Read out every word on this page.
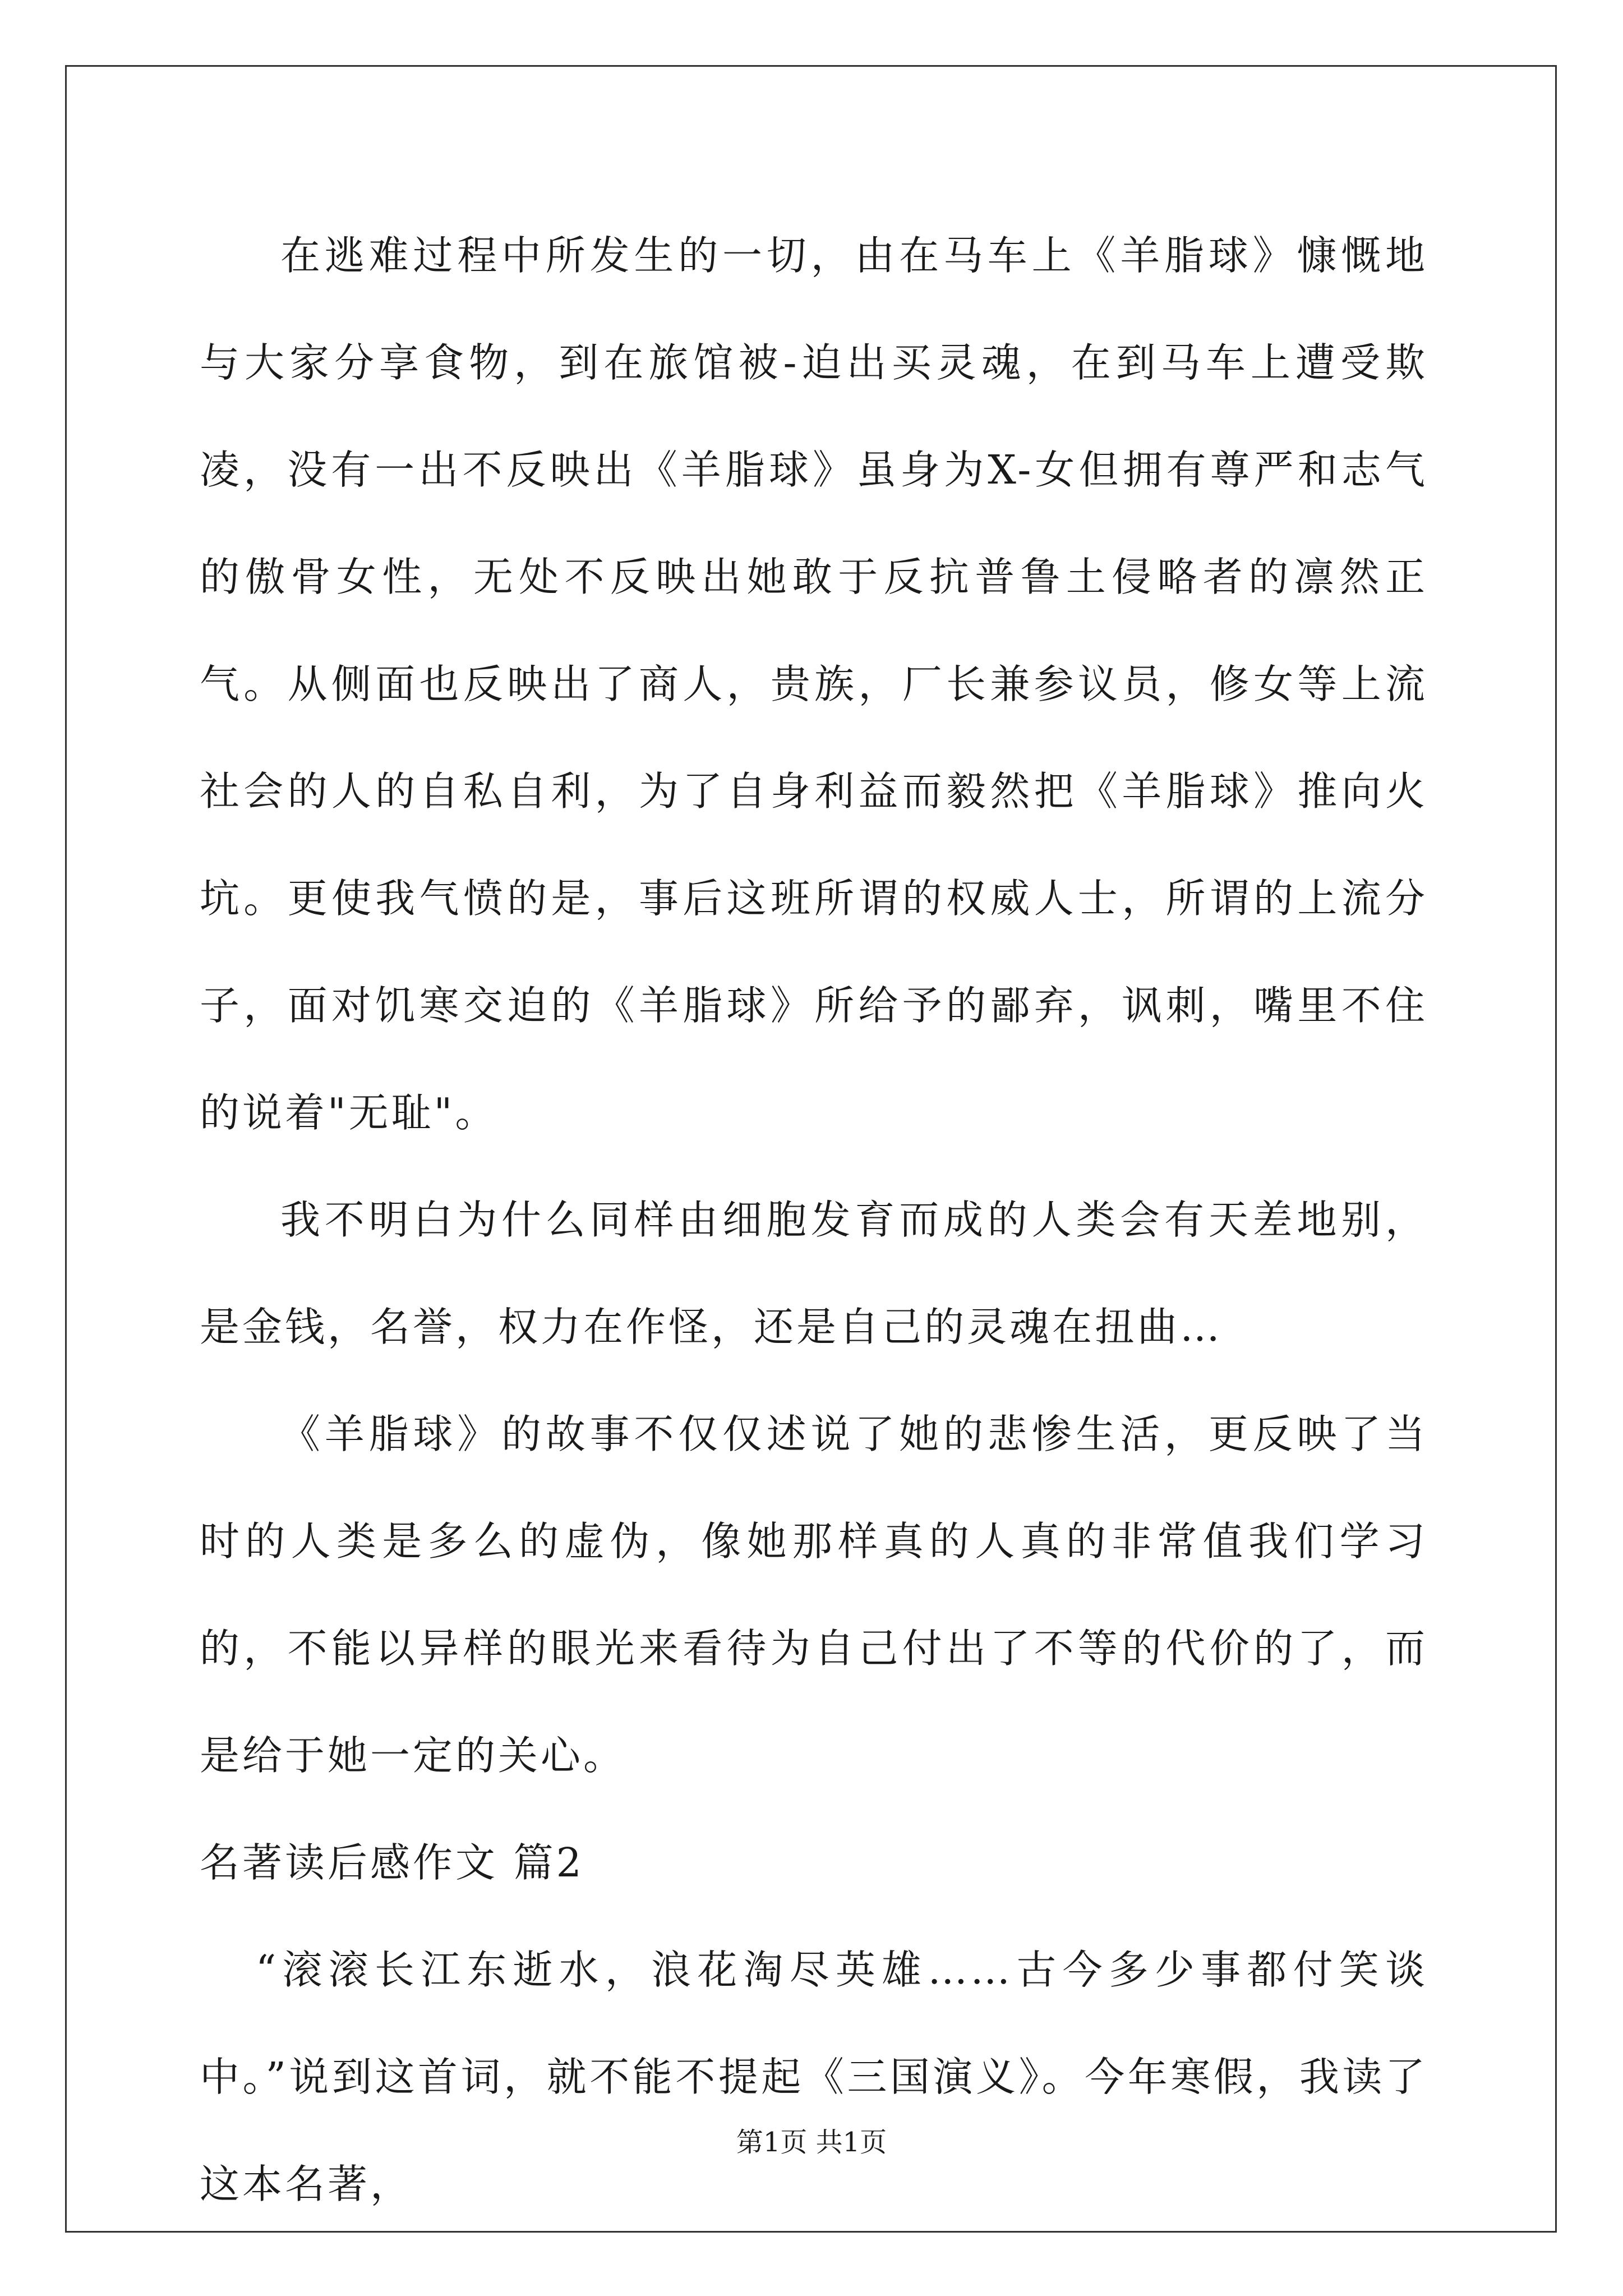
在逃难过程中所发生的一切，由在马车上《羊脂球》慷慨地与大家分享食物，到在旅馆被-迫出买灵魂，在到马车上遭受欺凌，没有一出不反映出《羊脂球》虽身为X-女但拥有尊严和志气的傲骨女性，无处不反映出她敢于反抗普鲁土侵略者的凛然正气。从侧面也反映出了商人，贵族，厂长兼参议员，修女等上流社会的人的自私自利，为了自身利益而毅然把《羊脂球》推向火坑。更使我气愤的是，事后这班所谓的权威人士，所谓的上流分子，面对饥寒交迫的《羊脂球》所给予的鄙弃，讽刺，嘴里不住的说着"无耻"。

我不明白为什么同样由细胞发育而成的人类会有天差地别，是金钱，名誉，权力在作怪，还是自己的灵魂在扭曲…

《羊脂球》的故事不仅仅述说了她的悲惨生活，更反映了当时的人类是多么的虚伪，像她那样真的人真的非常值我们学习的，不能以异样的眼光来看待为自己付出了不等的代价的了，而是给于她一定的关心。

名著读后感作文 篇2

“滚滚长江东逝水，浪花淘尽英雄……古今多少事都付笑谈中。”说到这首词，就不能不提起《三国演义》。今年寒假，我读了这本名著，

第1页 共1页
